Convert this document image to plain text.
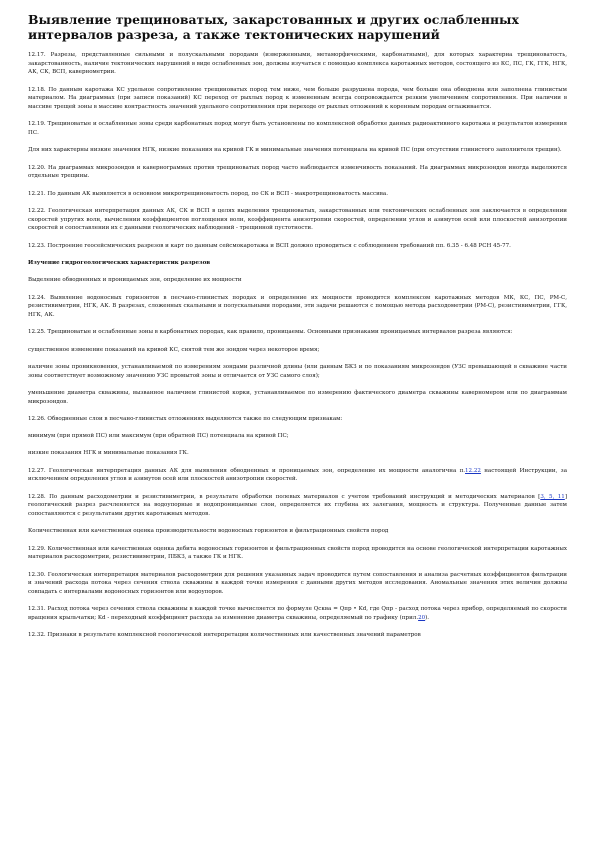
Выявление трещиноватых, закарстованных и других ослабленных интервалов разреза, а также тектонических нарушений

12.17. Разрезы, представленные сильными и полускальными породами (изверженными, метаморфическими, карбонатными), для которых характерна трещиноватость, закарстованность, наличие тектонических нарушений в виде ослабленных зон, должны изучаться с помощью комплекса каротажных методов, состоящего из КС, ПС, ГК, ГГК, НГК, АК, СК, ВСП, кавернометрии.

12.18. По данным каротажа КС удельное сопротивление трещиноватых пород тем ниже, чем больше разрушена порода, чем больше она обводнена или заполнена глинистым материалом. На диаграммах (при записи показаний) КС переход от рыхлых пород к измененным всегда сопровождается резким увеличением сопротивления. При наличии в массиве трещей зоны в массиве контрастность значений удельного сопротивления при переходе от рыхлых отложений к коренным породам оглаживается.

12.19. Трещиноватые и ослабленные зоны среди карбонатных пород могут быть установлены по комплексной обработке данных радиоактивного каротажа и результатов измерения ПС.

Для них характерны низкие значения НГК, низкие показания на кривой ГК и минимальные значения потенциала на кривой ПС (при отсутствии глинистого заполнителя трещин).

12.20. На диаграммах микрозондов и кавернограммах против трещиноватых пород часто наблюдается изменчивость показаний. На диаграммах микрозондов иногда выделяются отдельные трещины.

12.21. По данным АК выявляется в основном микротрещиноватость пород, по СК и ВСП - макротрещиноватость массива.

12.22. Геологическая интерпретация данных АК, СК и ВСП в целях выделения трещиноватых, закарстованных или тектонических ослабленных зон заключается в определении скоростей упругих волн, вычислении коэффициентов поглощения волн, коэффициента анизотропии скоростей, определении углов и азимутов осей или плоскостей анизотропии скоростей и сопоставлении их с данными геологических наблюдений - трещинной пустотности.

12.23. Построение геосейсмических разрезов и карт по данным сейсмокаротажа и ВСП должно проводиться с соблюдением требований пп. 6.35 - 6.48 РСН 45-77.

Изучение гидрогеологических характеристик разрезов

Выделение обводненных и проницаемых зон, определение их мощности

12.24. Выявление водоносных горизонтов в песчано-глинистых породах и определение их мощности проводится комплексом каротажных методов МК, КС, ПС, РМ-С, резистивиметрии, НГК, АК. В разрезах, сложенных скальными и полускальными породами, эти задачи решаются с помощью метода расходометрии (РМ-С), резистивиметрии, ГГК, НГК, АК.

12.25. Трещиноватые и ослабленные зоны в карбонатных породах, как правило, проницаемы. Основными признаками проницаемых интервалов разреза являются:

существенное изменение показаний на кривой КС, снятой тем же зондом через некоторое время;

наличие зоны проникновения, устанавливаемой по измерениям зондами различной длины (или данным БКЗ и по показаниям микрозондов (УЗС превышающей в скважине части зоны соответствует возможному значению УЗС промытой зоны и отличается от УЗС самого слоя);

уменьшение диаметра скважины, вызванное наличием глинистой корки, устанавливаемое по измерению фактического диаметра скважины каверномером или по диаграммам микрозондов.

12.26. Обводненные слои в песчано-глинистых отложениях выделяются также по следующим признакам:

минимум (при прямой ПС) или максимум (при обратной ПС) потенциала на кривой ПС;

низкие показания НГК и минимальные показания ГК.

12.27. Геологическая интерпретация данных АК для выявления обводненных и проницаемых зон, определение их мощности аналогична п.12.22 настоящей Инструкции, за исключением определения углов и азимутов осей или плоскостей анизотропии скоростей.

12.28. По данным расходометрии и резистивиметрии, в результате обработки полевых материалов с учетом требований инструкций и методических материалов [3, 5, 11] геологический разрез расчленяется на водоупорные и водопроницаемые слои, определяется их глубина их залегания, мощность и структура. Полученные данные затем сопоставляются с результатами других каротажных методов.

Количественная или качественная оценка производительности водоносных горизонтов и фильтрационных свойств пород

12.29. Количественная или качественная оценка дебита водоносных горизонтов и фильтрационных свойств пород проводится на основе геологической интерпретации каротажных материалов расходометрии, резистивиметрии, ПБКЗ, а также ГК и НГК.

12.30. Геологическая интерпретация материалов расходометрии для решения указанных задач проводится путем сопоставления и анализа расчетных коэффициентов фильтрации и значений расхода потока через сечения ствола скважины в каждой точке измерения с данными других методов исследования. Аномальные значения этих величин должны совпадать с интервалами водоносных горизонтов или водоупоров.

12.31. Расход потока через сечения ствола скважины в каждой точке вычисляется по формуле Qсква = Qпр • Kd, где Qпр - расход потока через прибор, определяемый по скорости вращения крыльчатки; Kd - переходный коэффициент расхода за изменение диаметра скважины, определяемый по графику (прил.20).

12.32. Признаки в результате комплексной геологической интерпретации количественных или качественных значений параметров
